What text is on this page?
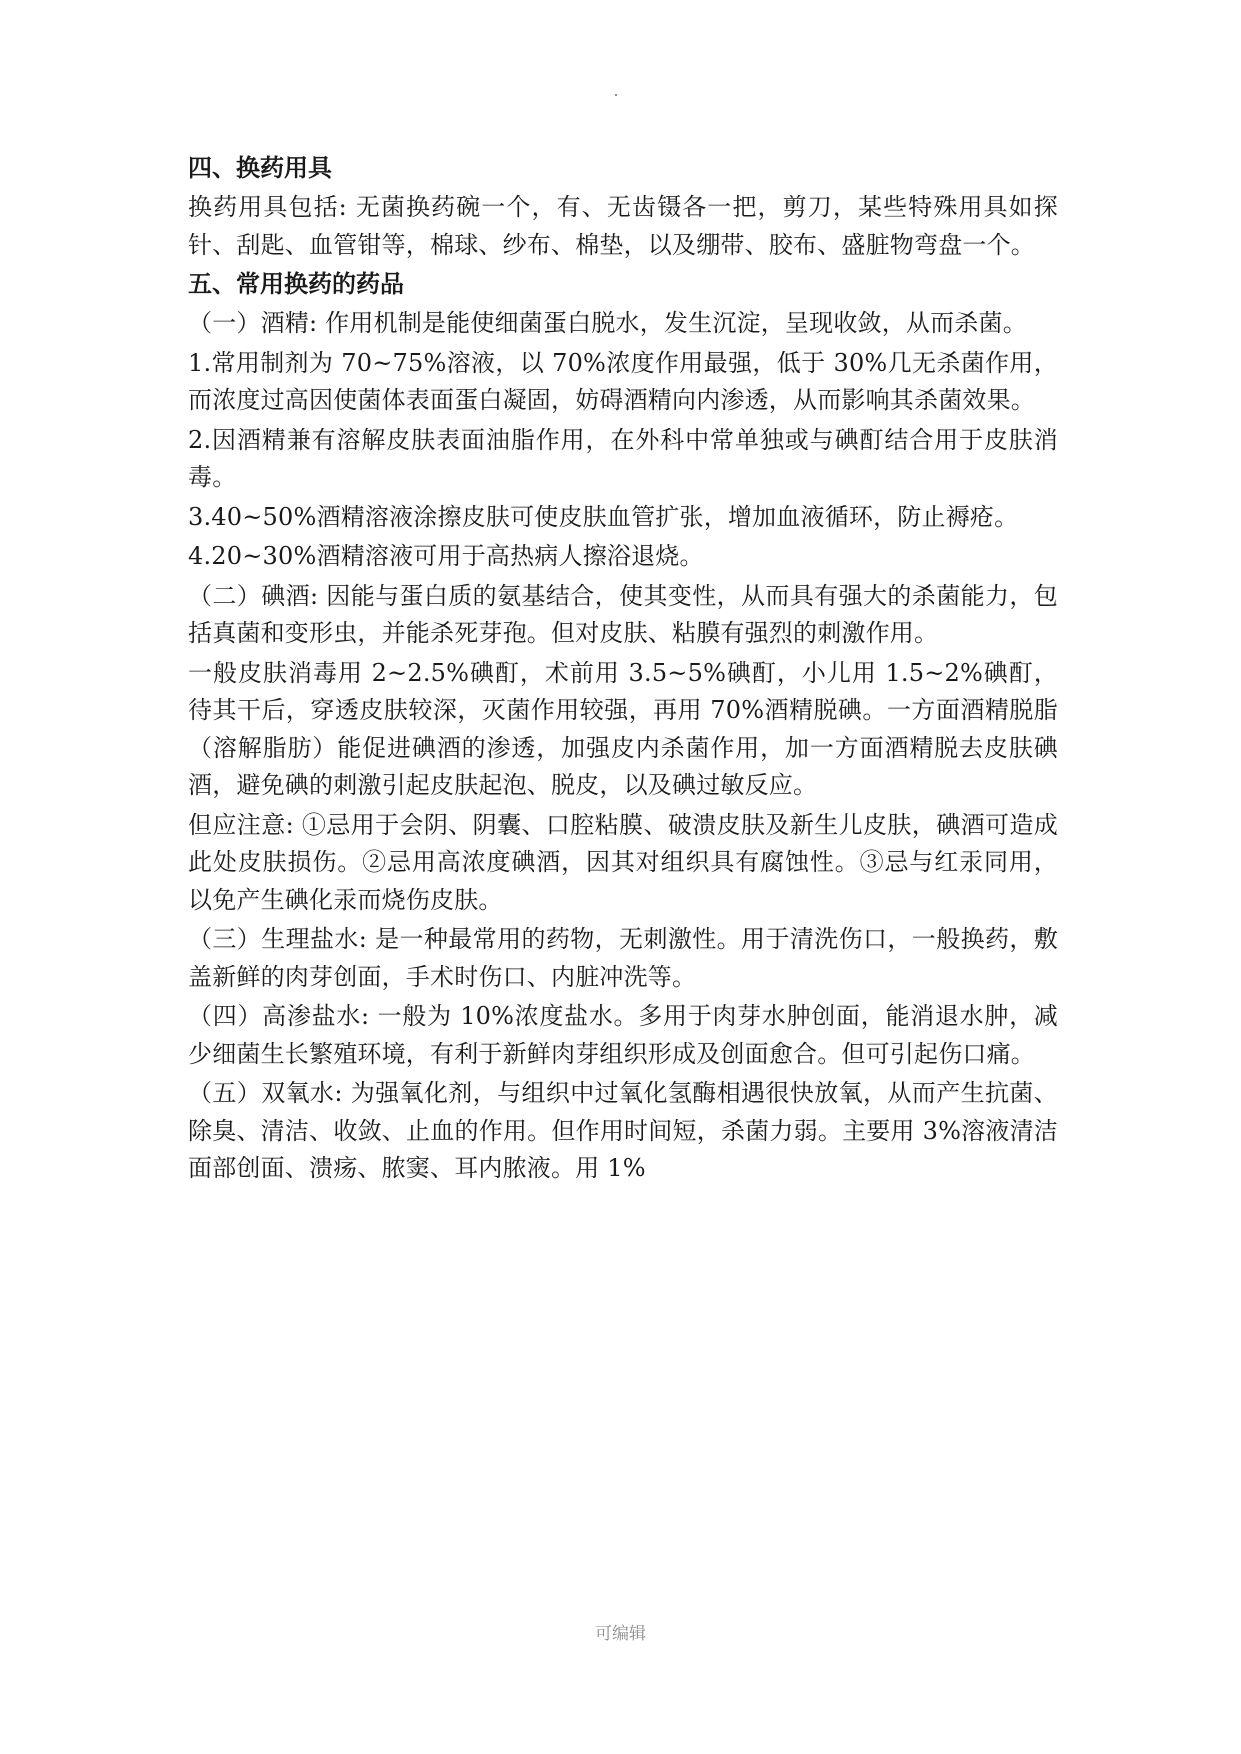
四、换药用具
换药用具包括: 无菌换药碗一个，有、无齿镊各一把，剪刀，某些特殊用具如探针、刮匙、血管钳等，棉球、纱布、棉垫，以及绷带、胶布、盛脏物弯盘一个。
五、常用换药的药品
（一）酒精: 作用机制是能使细菌蛋白脱水，发生沉淀，呈现收敛，从而杀菌。
1.常用制剂为 70~75%溶液，以 70%浓度作用最强，低于 30%几无杀菌作用，而浓度过高因使菌体表面蛋白凝固，妨碍酒精向内渗透，从而影响其杀菌效果。
2.因酒精兼有溶解皮肤表面油脂作用，在外科中常单独或与碘酊结合用于皮肤消毒。
3.40~50%酒精溶液涂擦皮肤可使皮肤血管扩张，增加血液循环，防止褥疮。
4.20~30%酒精溶液可用于高热病人擦浴退烧。
（二）碘酒: 因能与蛋白质的氨基结合，使其变性，从而具有强大的杀菌能力，包括真菌和变形虫，并能杀死芽孢。但对皮肤、粘膜有强烈的刺激作用。
一般皮肤消毒用 2~2.5%碘酊，术前用 3.5~5%碘酊，小儿用 1.5~2%碘酊，待其干后，穿透皮肤较深，灭菌作用较强，再用 70%酒精脱碘。一方面酒精脱脂（溶解脂肪）能促进碘酒的渗透，加强皮内杀菌作用，加一方面酒精脱去皮肤碘酒，避免碘的刺激引起皮肤起泡、脱皮，以及碘过敏反应。
但应注意: ①忌用于会阴、阴囊、口腔粘膜、破溃皮肤及新生儿皮肤，碘酒可造成此处皮肤损伤。②忌用高浓度碘酒，因其对组织具有腐蚀性。③忌与红汞同用，以免产生碘化汞而烧伤皮肤。
（三）生理盐水: 是一种最常用的药物，无刺激性。用于清洗伤口，一般换药，敷盖新鲜的肉芽创面，手术时伤口、内脏冲洗等。
（四）高渗盐水: 一般为 10%浓度盐水。多用于肉芽水肿创面，能消退水肿，减少细菌生长繁殖环境，有利于新鲜肉芽组织形成及创面愈合。但可引起伤口痛。
（五）双氧水: 为强氧化剂，与组织中过氧化氢酶相遇很快放氧，从而产生抗菌、除臭、清洁、收敛、止血的作用。但作用时间短，杀菌力弱。主要用 3%溶液清洁面部创面、溃疡、脓窦、耳内脓液。用 1%
可编辑
